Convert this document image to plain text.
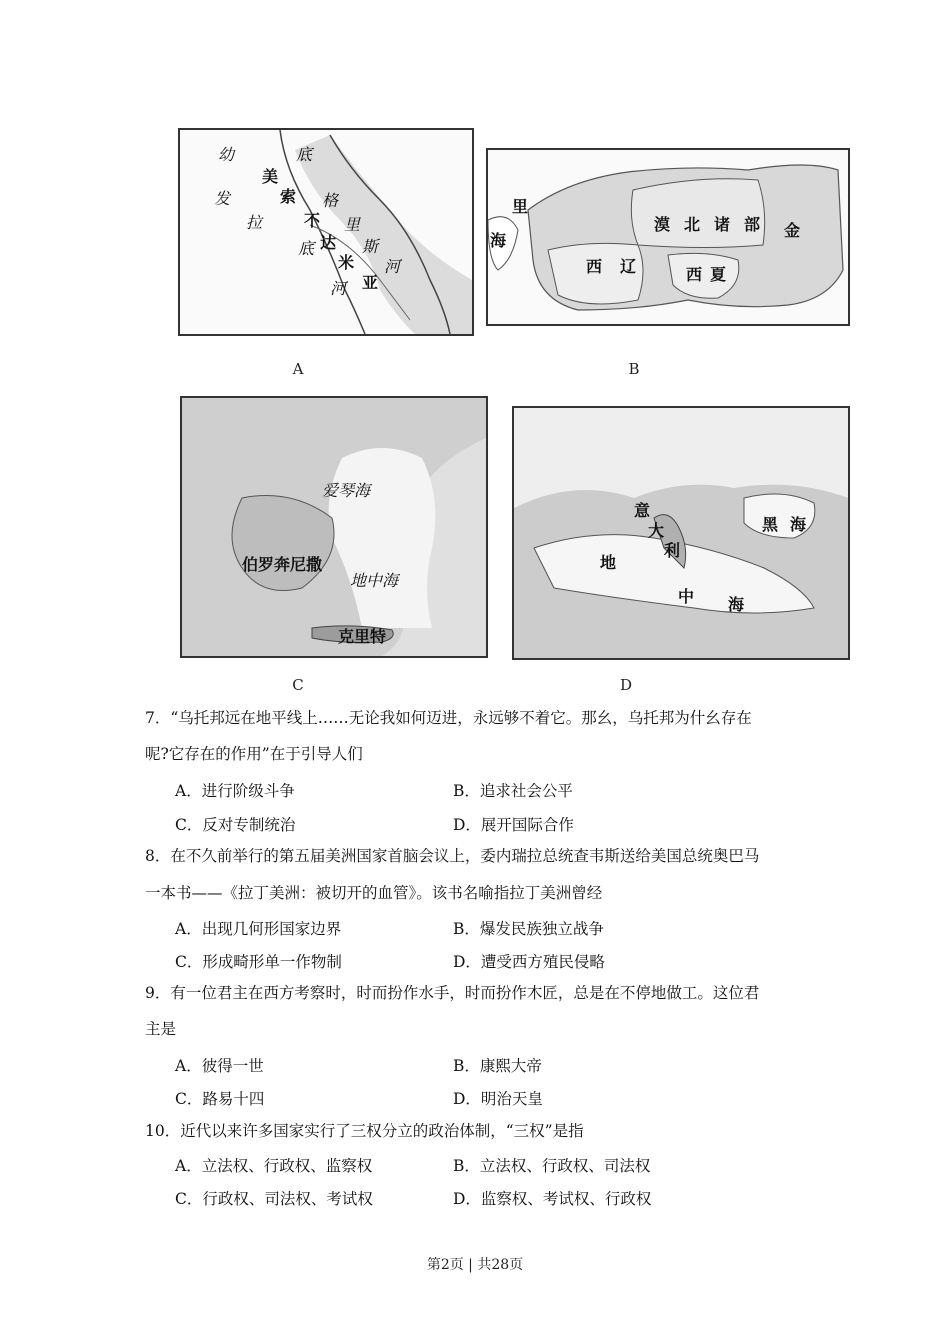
幼
发
拉
底
美
索
不
达
米
亚
底
格
里
斯
河
河
A
里
海
漠 北 诸 部 金
西 辽	西 夏
B
爱琴海
伯罗奔尼撒
地中海
克里特
C
意
大
利
黑 海
地
中 海
D
7．“乌托邦远在地平线上……无论我如何迈进，永远够不着它。那幺，乌托邦为什幺存在
呢?它存在的作用”在于引导人们
A．进行阶级斗争	B．追求社会公平
C．反对专制统治	D．展开国际合作
8．在不久前举行的第五届美洲国家首脑会议上，委内瑞拉总统查韦斯送给美国总统奥巴马
一本书——《拉丁美洲：被切开的血管》。该书名喻指拉丁美洲曾经
A．出现几何形国家边界	B．爆发民族独立战争
C．形成畸形单一作物制	D．遭受西方殖民侵略
9．有一位君主在西方考察时，时而扮作水手，时而扮作木匠，总是在不停地做工。这位君
主是
A．彼得一世	B．康熙大帝
C．路易十四	D．明治天皇
10．近代以来许多国家实行了三权分立的政治体制，“三权”是指
A．立法权、行政权、监察权	B．立法权、行政权、司法权
C．行政权、司法权、考试权	D．监察权、考试权、行政权
第2页 | 共28页
